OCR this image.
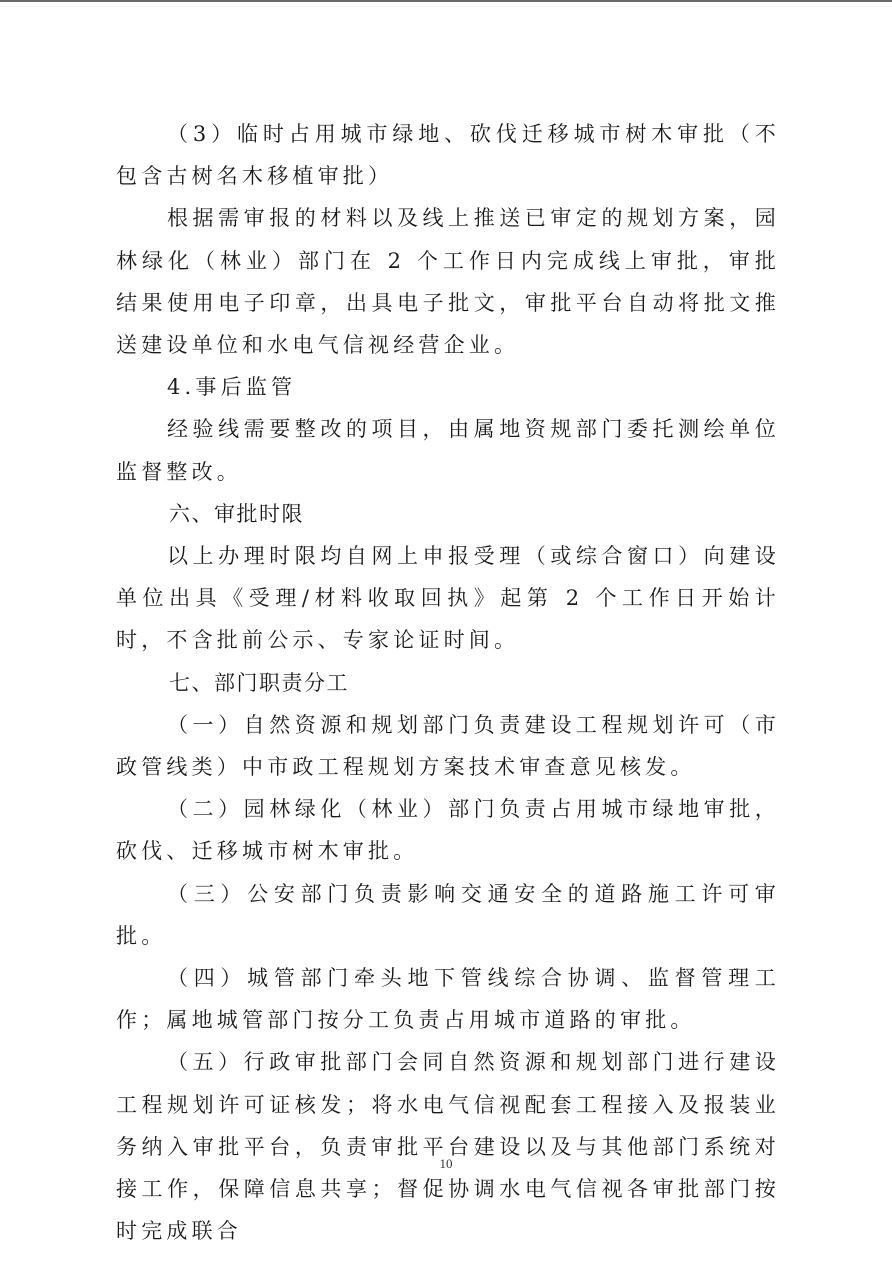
（3）临时占用城市绿地、砍伐迁移城市树木审批（不包含古树名木移植审批）

根据需审报的材料以及线上推送已审定的规划方案，园林绿化（林业）部门在 2 个工作日内完成线上审批，审批结果使用电子印章，出具电子批文，审批平台自动将批文推送建设单位和水电气信视经营企业。

4.事后监管

经验线需要整改的项目，由属地资规部门委托测绘单位监督整改。

六、审批时限

以上办理时限均自网上申报受理（或综合窗口）向建设单位出具《受理/材料收取回执》起第 2 个工作日开始计时，不含批前公示、专家论证时间。

七、部门职责分工

（一）自然资源和规划部门负责建设工程规划许可（市政管线类）中市政工程规划方案技术审查意见核发。

（二）园林绿化（林业）部门负责占用城市绿地审批，砍伐、迁移城市树木审批。

（三）公安部门负责影响交通安全的道路施工许可审批。

（四）城管部门牵头地下管线综合协调、监督管理工作；属地城管部门按分工负责占用城市道路的审批。

（五）行政审批部门会同自然资源和规划部门进行建设工程规划许可证核发；将水电气信视配套工程接入及报装业务纳入审批平台，负责审批平台建设以及与其他部门系统对接工作，保障信息共享；督促协调水电气信视各审批部门按时完成联合

10
